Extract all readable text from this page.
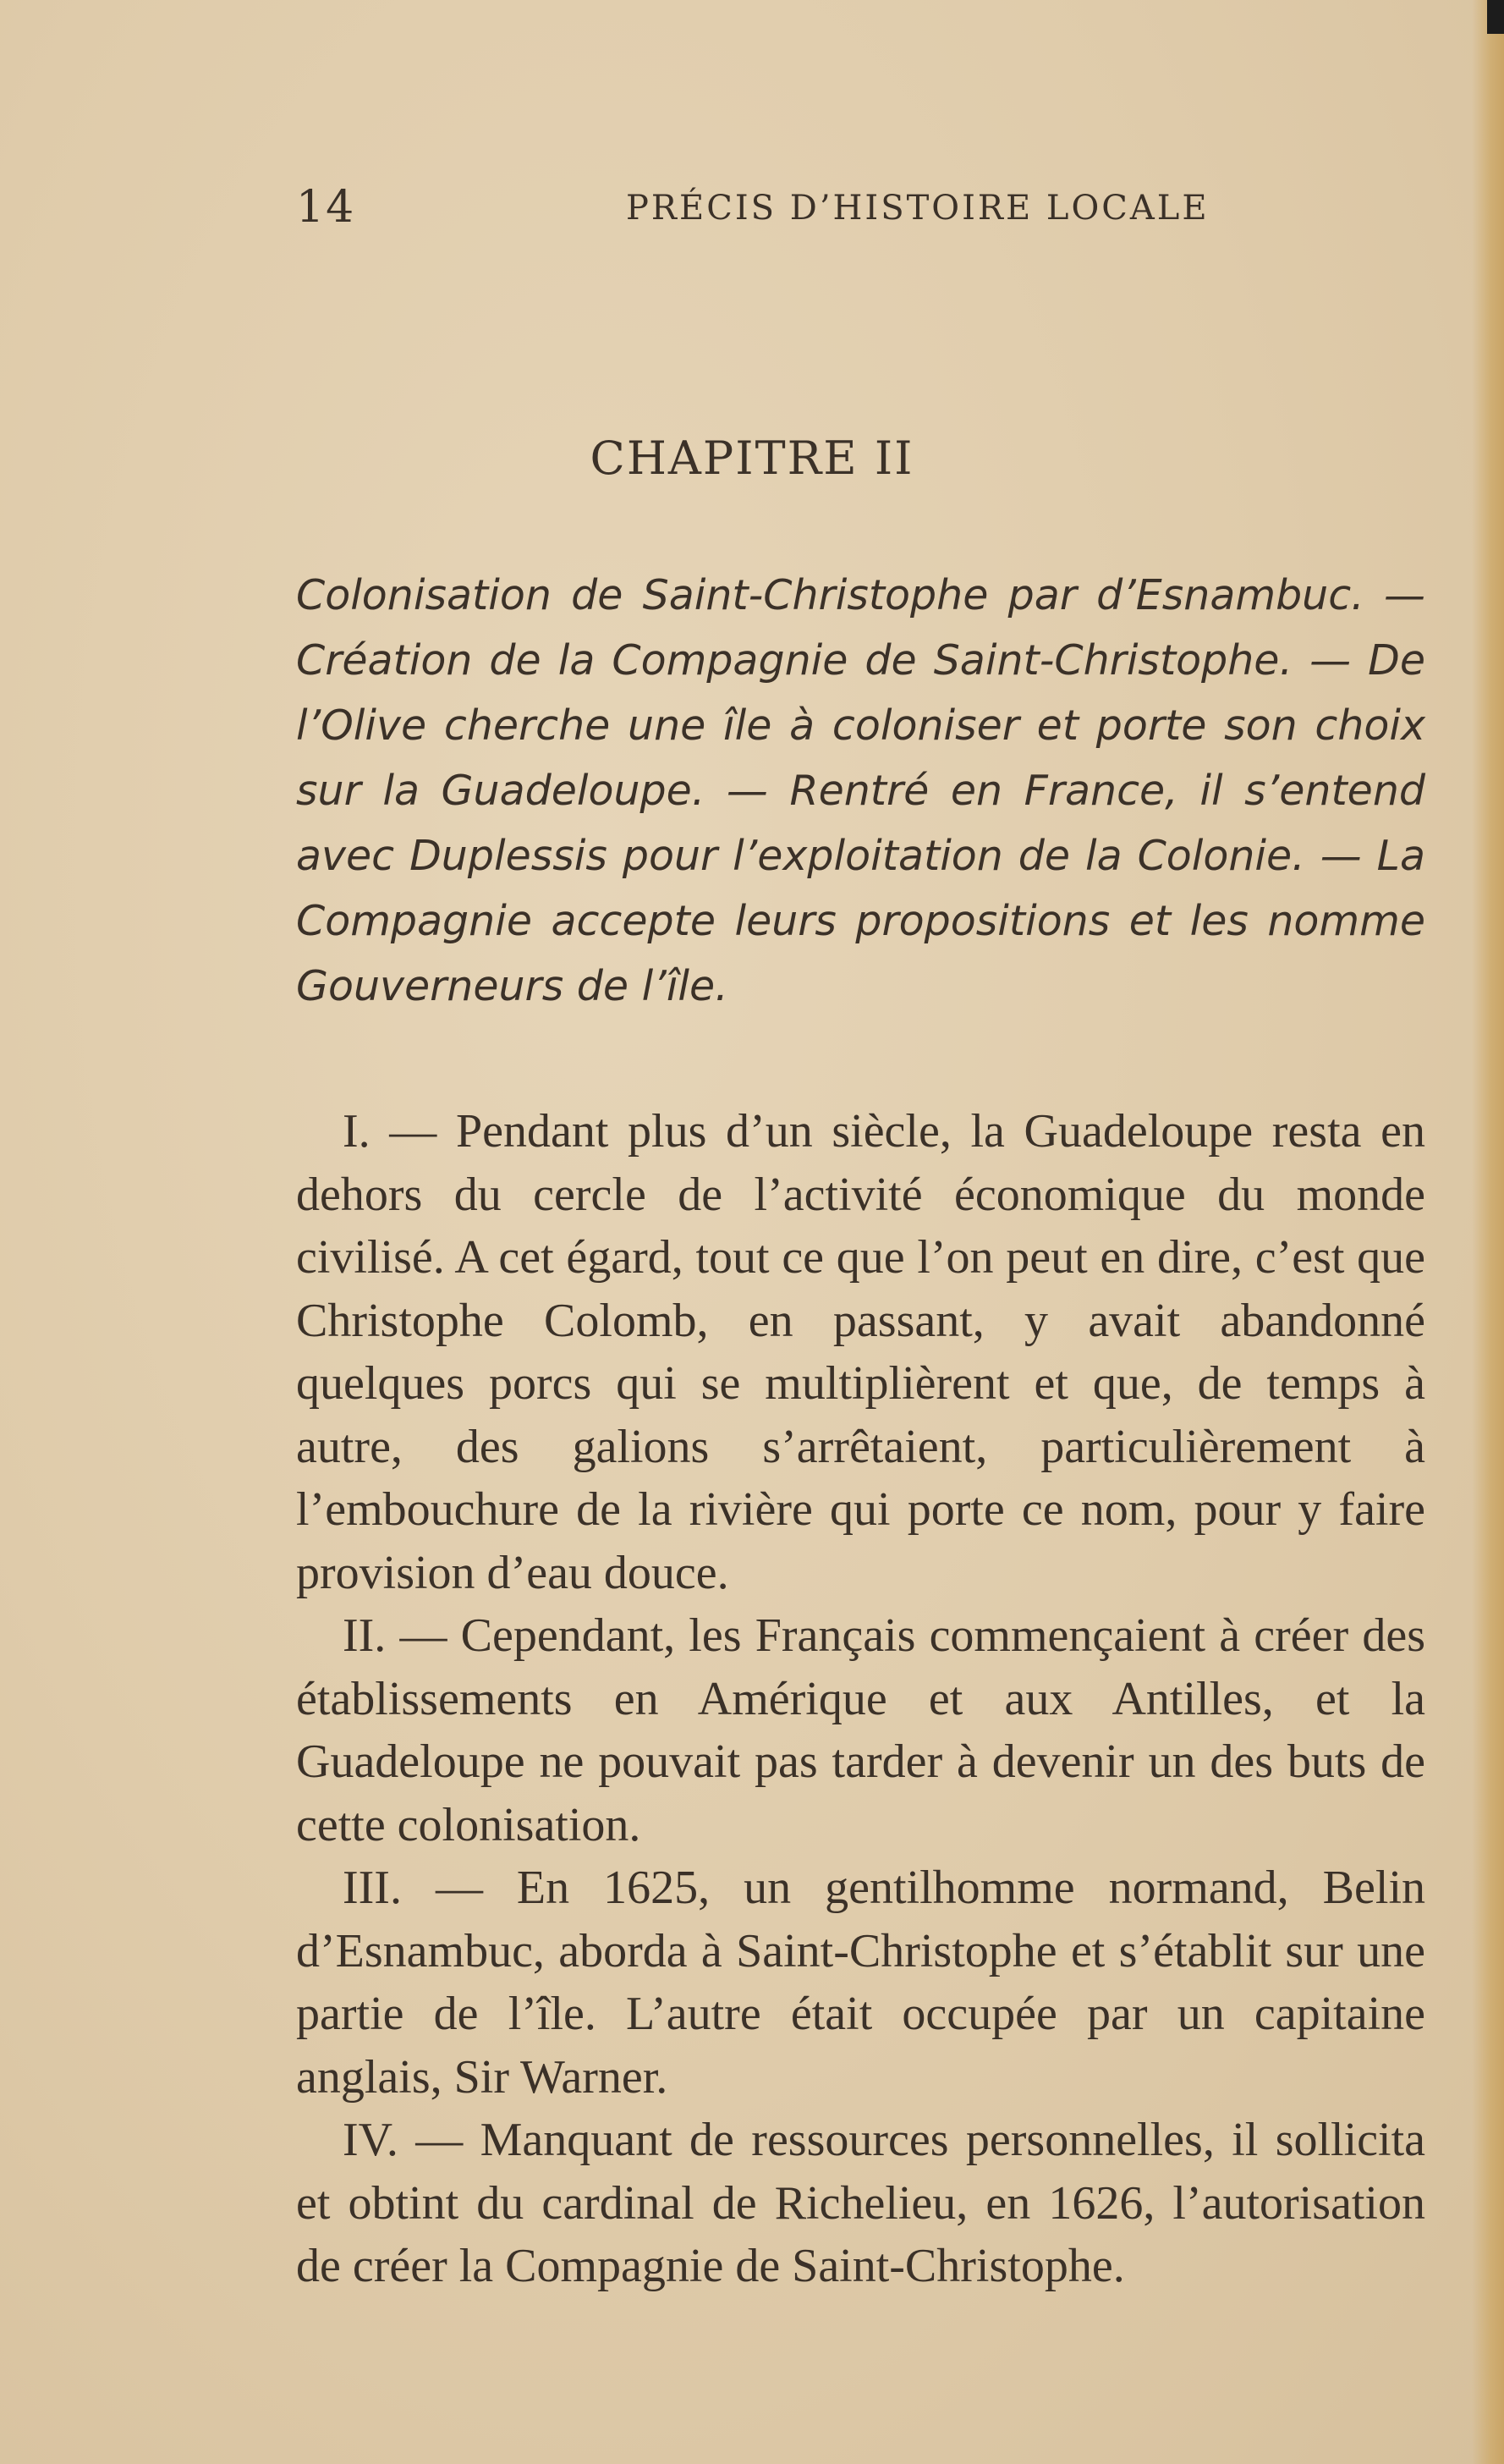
14	PRÉCIS D’HISTOIRE LOCALE
CHAPITRE II
Colonisation de Saint-Christophe par d’Esnambuc. — Création de la Compagnie de Saint-Christophe. — De l’Olive cherche une île à coloniser et porte son choix sur la Guadeloupe. — Rentré en France, il s’entend avec Duplessis pour l’exploitation de la Colonie. — La Compagnie accepte leurs propositions et les nomme Gouverneurs de l’île.

I. — Pendant plus d’un siècle, la Guadeloupe resta en dehors du cercle de l’activité économique du monde civilisé. A cet égard, tout ce que l’on peut en dire, c’est que Christophe Colomb, en passant, y avait abandonné quelques porcs qui se multiplièrent et que, de temps à autre, des galions s’arrêtaient, particulièrement à l’embouchure de la rivière qui porte ce nom, pour y faire provision d’eau douce.

II. — Cependant, les Français commençaient à créer des établissements en Amérique et aux Antilles, et la Guadeloupe ne pouvait pas tarder à devenir un des buts de cette colonisation.

III. — En 1625, un gentilhomme normand, Belin d’Esnambuc, aborda à Saint-Christophe et s’établit sur une partie de l’île. L’autre était occupée par un capitaine anglais, Sir Warner.

IV. — Manquant de ressources personnelles, il sollicita et obtint du cardinal de Richelieu, en 1626, l’autorisation de créer la Compagnie de Saint-Christophe.
